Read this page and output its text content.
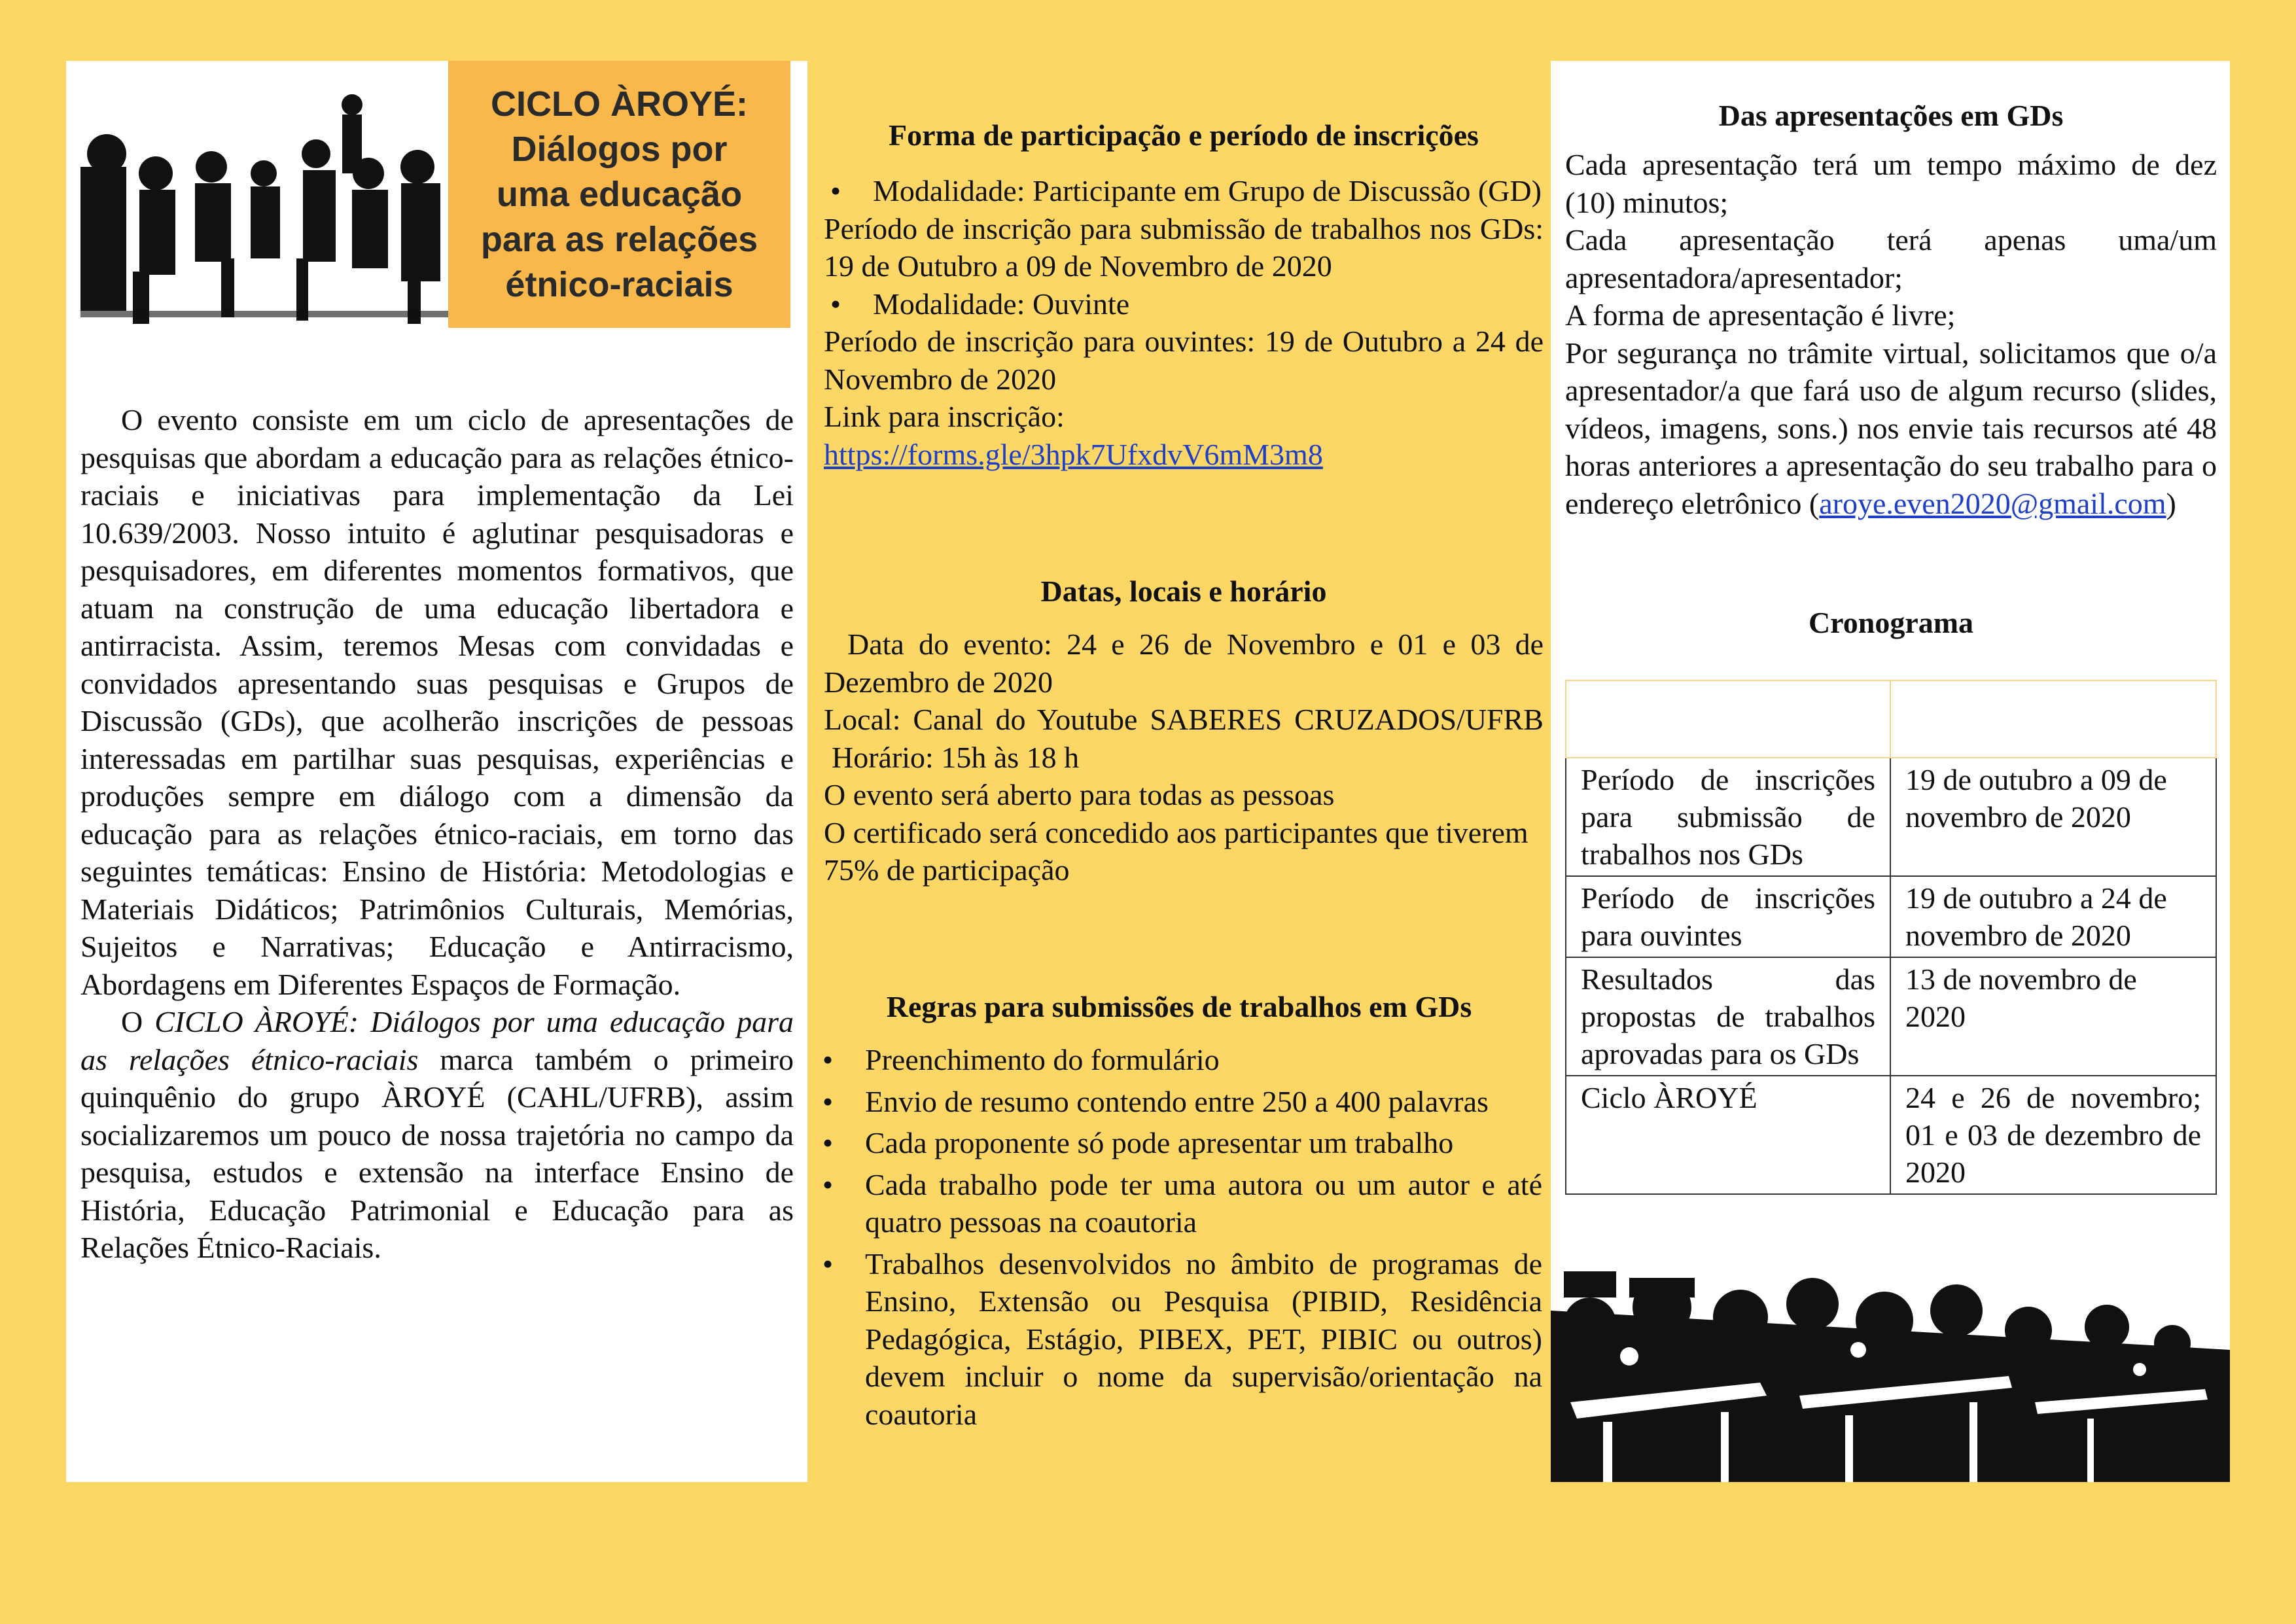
CICLO ÀROYÉ:
Diálogos por
uma educação
para as relações
étnico-raciais

O evento consiste em um ciclo de apresentações de pesquisas que abordam a educação para as relações étnico-raciais e iniciativas para implementação da Lei 10.639/2003. Nosso intuito é aglutinar pesquisadoras e pesquisadores, em diferentes momentos formativos, que atuam na construção de uma educação libertadora e antirracista. Assim, teremos Mesas com convidadas e convidados apresentando suas pesquisas e Grupos de Discussão (GDs), que acolherão inscrições de pessoas interessadas em partilhar suas pesquisas, experiências e produções sempre em diálogo com a dimensão da educação para as relações étnico-raciais, em torno das seguintes temáticas: Ensino de História: Metodologias e Materiais Didáticos; Patrimônios Culturais, Memórias, Sujeitos e Narrativas; Educação e Antirracismo, Abordagens em Diferentes Espaços de Formação.

O CICLO ÀROYÉ: Diálogos por uma educação para as relações étnico-raciais marca também o primeiro quinquênio do grupo ÀROYÉ (CAHL/UFRB), assim socializaremos um pouco de nossa trajetória no campo da pesquisa, estudos e extensão na interface Ensino de História, Educação Patrimonial e Educação para as Relações Étnico-Raciais.

Forma de participação e período de inscrições
• Modalidade: Participante em Grupo de Discussão (GD)

Período de inscrição para submissão de trabalhos nos GDs: 19 de Outubro a 09 de Novembro de 2020

• Modalidade: Ouvinte

Período de inscrição para ouvintes: 19 de Outubro a 24 de Novembro de 2020

Link para inscrição:

https://forms.gle/3hpk7UfxdvV6mM3m8

Datas, locais e horário

Data do evento: 24 e 26 de Novembro e 01 e 03 de Dezembro de 2020

Local: Canal do Youtube SABERES CRUZADOS/UFRB

Horário: 15h às 18 h

O evento será aberto para todas as pessoas

O certificado será concedido aos participantes que tiverem 75% de participação

Regras para submissões de trabalhos em GDs
• Preenchimento do formulário
• Envio de resumo contendo entre 250 a 400 palavras
• Cada proponente só pode apresentar um trabalho
• Cada trabalho pode ter uma autora ou um autor e até quatro pessoas na coautoria
• Trabalhos desenvolvidos no âmbito de programas de Ensino, Extensão ou Pesquisa (PIBID, Residência Pedagógica, Estágio, PIBEX, PET, PIBIC ou outros) devem incluir o nome da supervisão/orientação na coautoria
Das apresentações em GDs

Cada apresentação terá um tempo máximo de dez (10) minutos;

Cada apresentação terá apenas uma/um apresentadora/apresentador;

A forma de apresentação é livre;

Por segurança no trâmite virtual, solicitamos que o/a apresentador/a que fará uso de algum recurso (slides, vídeos, imagens, sons.) nos envie tais recursos até 48 horas anteriores a apresentação do seu trabalho para o endereço eletrônico (aroye.even2020@gmail.com)

Cronograma

Período de inscrições para submissão de trabalhos nos GDs	19 de outubro a 09 de novembro de 2020
Período de inscrições para ouvintes	19 de outubro a 24 de novembro de 2020
Resultados das propostas de trabalhos aprovadas para os GDs	13 de novembro de 2020
Ciclo ÀROYÉ	24 e 26 de novembro; 01 e 03 de dezembro de 2020
